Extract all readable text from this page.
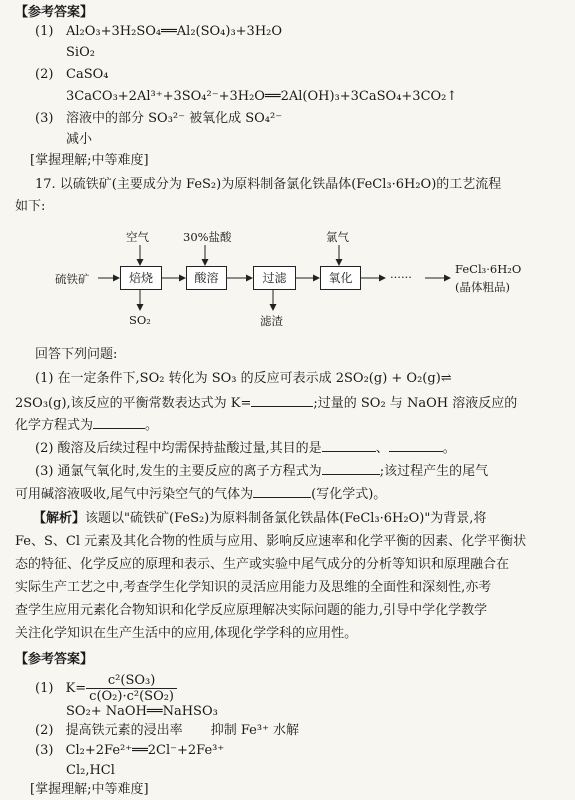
【参考答案】
(1) Al₂O₃+3H₂SO₄══Al₂(SO₄)₃+3H₂O
SiO₂
(2) CaSO₄
3CaCO₃+2Al³⁺+3SO₄²⁻+3H₂O══2Al(OH)₃+3CaSO₄+3CO₂↑
(3) 溶液中的部分 SO₃²⁻ 被氧化成 SO₄²⁻
减小
[掌握理解;中等难度]
17. 以硫铁矿(主要成分为 FeS₂)为原料制备氯化铁晶体(FeCl₃·6H₂O)的工艺流程
如下:
硫铁矿	焙烧	酸溶	过滤	氧化	······
FeCl₃·6H₂O
(晶体粗品)
空气	30%盐酸	氯气
SO₂	滤渣
回答下列问题:
(1) 在一定条件下,SO₂ 转化为 SO₃ 的反应可表示成 2SO₂(g) + O₂(g)⇌
2SO₃(g),该反应的平衡常数表达式为 K=	;过量的 SO₂ 与 NaOH 溶液反应的
化学方程式为	。
(2) 酸溶及后续过程中均需保持盐酸过量,其目的是	、	。
(3) 通氯气氧化时,发生的主要反应的离子方程式为	;该过程产生的尾气
可用碱溶液吸收,尾气中污染空气的气体为	(写化学式)。
【解析】该题以"硫铁矿(FeS₂)为原料制备氯化铁晶体(FeCl₃·6H₂O)"为背景,将
Fe、S、Cl 元素及其化合物的性质与应用、影响反应速率和化学平衡的因素、化学平衡状
态的特征、化学反应的原理和表示、生产或实验中尾气成分的分析等知识和原理融合在
实际生产工艺之中,考查学生化学知识的灵活应用能力及思维的全面性和深刻性,亦考
查学生应用元素化合物知识和化学反应原理解决实际问题的能力,引导中学化学教学
关注化学知识在生产生活中的应用,体现化学学科的应用性。
【参考答案】
(1) $K= \frac{\text{c²(SO₃)}}{\text{c(O₂)·c²(SO₂)}}$
SO₂+ NaOH══NaHSO₃
(2) 提高铁元素的浸出率 抑制 Fe³⁺ 水解
(3) Cl₂+2Fe²⁺══2Cl⁻+2Fe³⁺
Cl₂,HCl
[掌握理解;中等难度]
